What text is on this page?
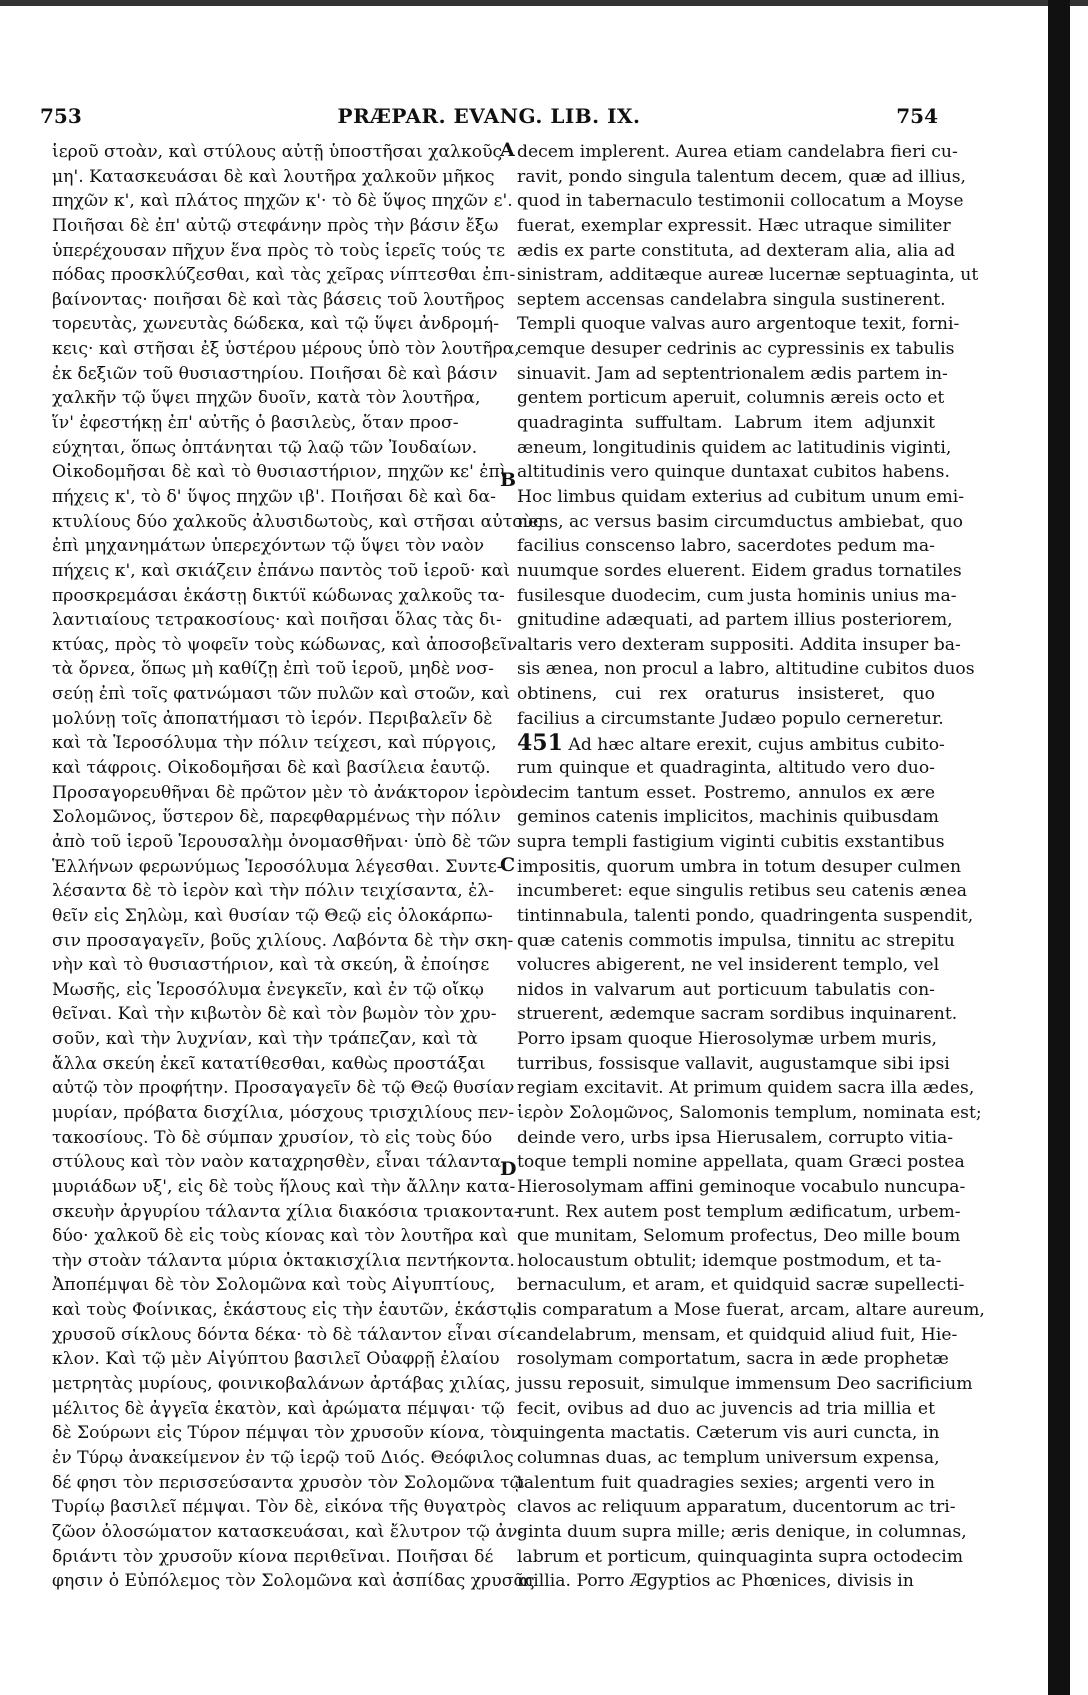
753	PRÆPAR. EVANG. LIB. IX.	754
ἱεροῦ στοὰν, καὶ στύλους αὐτῇ ὑποστῆσαι χαλκοῦς
μη'. Κατασκευάσαι δὲ καὶ λουτῆρα χαλκοῦν μῆκος
πηχῶν κ', καὶ πλάτος πηχῶν κ'· τὸ δὲ ὕψος πηχῶν ε'.
Ποιῆσαι δὲ ἐπ' αὐτῷ στεφάνην πρὸς τὴν βάσιν ἔξω
ὑπερέχουσαν πῆχυν ἕνα πρὸς τὸ τοὺς ἱερεῖς τούς τε
πόδας προσκλύζεσθαι, καὶ τὰς χεῖρας νίπτεσθαι ἐπι-
βαίνοντας· ποιῆσαι δὲ καὶ τὰς βάσεις τοῦ λουτῆρος
τορευτὰς, χωνευτὰς δώδεκα, καὶ τῷ ὕψει ἀνδρομή-
κεις· καὶ στῆσαι ἐξ ὑστέρου μέρους ὑπὸ τὸν λουτῆρα,
ἐκ δεξιῶν τοῦ θυσιαστηρίου. Ποιῆσαι δὲ καὶ βάσιν
χαλκῆν τῷ ὕψει πηχῶν δυοῖν, κατὰ τὸν λουτῆρα,
ἵν' ἐφεστήκῃ ἐπ' αὐτῆς ὁ βασιλεὺς, ὅταν προσ-
εύχηται, ὅπως ὀπτάνηται τῷ λαῷ τῶν Ἰουδαίων.
Οἰκοδομῆσαι δὲ καὶ τὸ θυσιαστήριον, πηχῶν κε' ἐπὶ
πήχεις κ', τὸ δ' ὕψος πηχῶν ιβ'. Ποιῆσαι δὲ καὶ δα-
κτυλίους δύο χαλκοῦς ἀλυσιδωτοὺς, καὶ στῆσαι αὐτοὺς
ἐπὶ μηχανημάτων ὑπερεχόντων τῷ ὕψει τὸν ναὸν
πήχεις κ', καὶ σκιάζειν ἐπάνω παντὸς τοῦ ἱεροῦ· καὶ
προσκρεμάσαι ἑκάστῃ δικτύϊ κώδωνας χαλκοῦς τα-
λαντιαίους τετρακοσίους· καὶ ποιῆσαι ὅλας τὰς δι-
κτύας, πρὸς τὸ ψοφεῖν τοὺς κώδωνας, καὶ ἀποσοβεῖν
τὰ ὄρνεα, ὅπως μὴ καθίζῃ ἐπὶ τοῦ ἱεροῦ, μηδὲ νοσ-
σεύῃ ἐπὶ τοῖς φατνώμασι τῶν πυλῶν καὶ στοῶν, καὶ
μολύνῃ τοῖς ἀποπατήμασι τὸ ἱερόν. Περιβαλεῖν δὲ
καὶ τὰ Ἱεροσόλυμα τὴν πόλιν τείχεσι, καὶ πύργοις,
καὶ τάφροις. Οἰκοδομῆσαι δὲ καὶ βασίλεια ἑαυτῷ.
Προσαγορευθῆναι δὲ πρῶτον μὲν τὸ ἀνάκτορον ἱερὸν
Σολομῶνος, ὕστερον δὲ, παρεφθαρμένως τὴν πόλιν
ἀπὸ τοῦ ἱεροῦ Ἱερουσαλὴμ ὀνομασθῆναι· ὑπὸ δὲ τῶν
Ἑλλήνων φερωνύμως Ἱεροσόλυμα λέγεσθαι. Συντε-
λέσαντα δὲ τὸ ἱερὸν καὶ τὴν πόλιν τειχίσαντα, ἐλ-
θεῖν εἰς Σηλὼμ, καὶ θυσίαν τῷ Θεῷ εἰς ὁλοκάρπω-
σιν προσαγαγεῖν, βοῦς χιλίους. Λαβόντα δὲ τὴν σκη-
νὴν καὶ τὸ θυσιαστήριον, καὶ τὰ σκεύη, ἃ ἐποίησε
Μωσῆς, εἰς Ἱεροσόλυμα ἐνεγκεῖν, καὶ ἐν τῷ οἴκῳ
θεῖναι. Καὶ τὴν κιβωτὸν δὲ καὶ τὸν βωμὸν τὸν χρυ-
σοῦν, καὶ τὴν λυχνίαν, καὶ τὴν τράπεζαν, καὶ τὰ
ἄλλα σκεύη ἐκεῖ κατατίθεσθαι, καθὼς προστάξαι
αὐτῷ τὸν προφήτην. Προσαγαγεῖν δὲ τῷ Θεῷ θυσίαν
μυρίαν, πρόβατα δισχίλια, μόσχους τρισχιλίους πεν-
τακοσίους. Τὸ δὲ σύμπαν χρυσίον, τὸ εἰς τοὺς δύο
στύλους καὶ τὸν ναὸν καταχρησθὲν, εἶναι τάλαντα
μυριάδων υξ', εἰς δὲ τοὺς ἥλους καὶ τὴν ἄλλην κατα-
σκευὴν ἀργυρίου τάλαντα χίλια διακόσια τριακοντα-
δύο· χαλκοῦ δὲ εἰς τοὺς κίονας καὶ τὸν λουτῆρα καὶ
τὴν στοὰν τάλαντα μύρια ὀκτακισχίλια πεντήκοντα.
Ἀποπέμψαι δὲ τὸν Σολομῶνα καὶ τοὺς Αἰγυπτίους,
καὶ τοὺς Φοίνικας, ἑκάστους εἰς τὴν ἑαυτῶν, ἑκάστῳ
χρυσοῦ σίκλους δόντα δέκα· τὸ δὲ τάλαντον εἶναι σί-
κλον. Καὶ τῷ μὲν Αἰγύπτου βασιλεῖ Οὐαφρῇ ἐλαίου
μετρητὰς μυρίους, φοινικοβαλάνων ἀρτάβας χιλίας,
μέλιτος δὲ ἀγγεῖα ἑκατὸν, καὶ ἀρώματα πέμψαι· τῷ
δὲ Σούρωνι εἰς Τύρον πέμψαι τὸν χρυσοῦν κίονα, τὸν
ἐν Τύρῳ ἀνακείμενον ἐν τῷ ἱερῷ τοῦ Διός. Θεόφιλος
δέ φησι τὸν περισσεύσαντα χρυσὸν τὸν Σολομῶνα τῷ
Τυρίῳ βασιλεῖ πέμψαι. Τὸν δὲ, εἰκόνα τῆς θυγατρὸς
ζῶον ὁλοσώματον κατασκευάσαι, καὶ ἔλυτρον τῷ ἀν-
δριάντι τὸν χρυσοῦν κίονα περιθεῖναι. Ποιῆσαι δέ
φησιν ὁ Εὐπόλεμος τὸν Σολομῶνα καὶ ἀσπίδας χρυσᾶς
decem implerent. Aurea etiam candelabra fieri cu-
ravit, pondo singula talentum decem, quæ ad illius,
quod in tabernaculo testimonii collocatum a Moyse
fuerat, exemplar expressit. Hæc utraque similiter
ædis ex parte constituta, ad dexteram alia, alia ad
sinistram, additæque aureæ lucernæ septuaginta, ut
septem accensas candelabra singula sustinerent.
Templi quoque valvas auro argentoque texit, forni-
cemque desuper cedrinis ac cypressinis ex tabulis
sinuavit. Jam ad septentrionalem ædis partem in-
gentem porticum aperuit, columnis æreis octo et
quadraginta suffultam. Labrum item adjunxit
æneum, longitudinis quidem ac latitudinis viginti,
altitudinis vero quinque duntaxat cubitos habens.
Hoc limbus quidam exterius ad cubitum unum emi-
nens, ac versus basim circumductus ambiebat, quo
facilius conscenso labro, sacerdotes pedum ma-
nuumque sordes eluerent. Eidem gradus tornatiles
fusilesque duodecim, cum justa hominis unius ma-
gnitudine adæquati, ad partem illius posteriorem,
altaris vero dexteram suppositi. Addita insuper ba-
sis ænea, non procul a labro, altitudine cubitos duos
obtinens, cui rex oraturus insisteret, quo
facilius a circumstante Judæo populo cerneretur.
451 Ad hæc altare erexit, cujus ambitus cubito-
rum quinque et quadraginta, altitudo vero duo-
decim tantum esset. Postremo, annulos ex ære
geminos catenis implicitos, machinis quibusdam
supra templi fastigium viginti cubitis exstantibus
impositis, quorum umbra in totum desuper culmen
incumberet: eque singulis retibus seu catenis ænea
tintinnabula, talenti pondo, quadringenta suspendit,
quæ catenis commotis impulsa, tinnitu ac strepitu
volucres abigerent, ne vel insiderent templo, vel
nidos in valvarum aut porticuum tabulatis con-
struerent, ædemque sacram sordibus inquinarent.
Porro ipsam quoque Hierosolymæ urbem muris,
turribus, fossisque vallavit, augustamque sibi ipsi
regiam excitavit. At primum quidem sacra illa ædes,
ἱερὸν Σολομῶνος, Salomonis templum, nominata est;
deinde vero, urbs ipsa Hierusalem, corrupto vitia-
toque templi nomine appellata, quam Græci postea
Hierosolymam affini geminoque vocabulo nuncupa-
runt. Rex autem post templum ædificatum, urbem-
que munitam, Selomum profectus, Deo mille boum
holocaustum obtulit; idemque postmodum, et ta-
bernaculum, et aram, et quidquid sacræ supellecti-
lis comparatum a Mose fuerat, arcam, altare aureum,
candelabrum, mensam, et quidquid aliud fuit, Hie-
rosolymam comportatum, sacra in æde prophetæ
jussu reposuit, simulque immensum Deo sacrificium
fecit, ovibus ad duo ac juvencis ad tria millia et
quingenta mactatis. Cæterum vis auri cuncta, in
columnas duas, ac templum universum expensa,
talentum fuit quadragies sexies; argenti vero in
clavos ac reliquum apparatum, ducentorum ac tri-
ginta duum supra mille; æris denique, in columnas,
labrum et porticum, quinquaginta supra octodecim
millia. Porro Ægyptios ac Phœnices, divisis in
A
B
C
D
